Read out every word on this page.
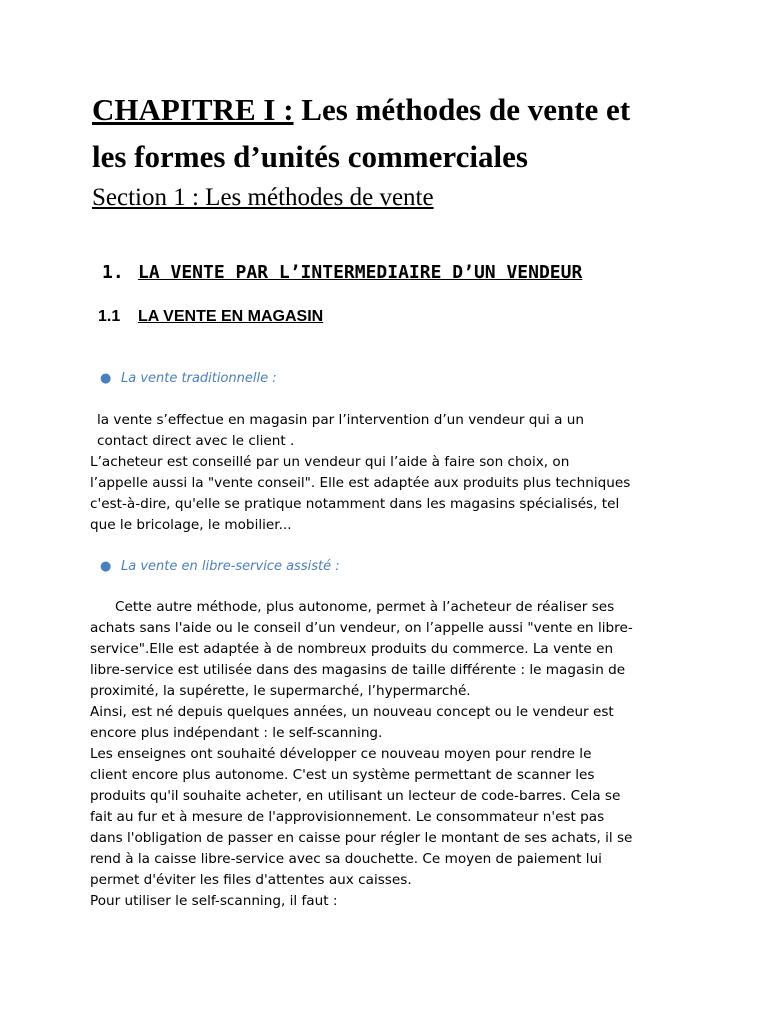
CHAPITRE I : Les méthodes de vente et
les formes d’unités commerciales
Section 1 : Les méthodes de vente
1. LA VENTE PAR L’INTERMEDIAIRE D’UN VENDEUR
1.1 LA VENTE EN MAGASIN

● La vente traditionnelle :

la vente s’effectue en magasin par l’intervention d’un vendeur qui a un
contact direct avec le client .

L’acheteur est conseillé par un vendeur qui l’aide à faire son choix, on
l’appelle aussi la "vente conseil". Elle est adaptée aux produits plus techniques
c'est-à-dire, qu'elle se pratique notamment dans les magasins spécialisés, tel
que le bricolage, le mobilier...

● La vente en libre-service assisté :

Cette autre méthode, plus autonome, permet à l’acheteur de réaliser ses
achats sans l'aide ou le conseil d’un vendeur, on l’appelle aussi "vente en libre-
service".Elle est adaptée à de nombreux produits du commerce. La vente en
libre-service est utilisée dans des magasins de taille différente : le magasin de
proximité, la supérette, le supermarché, l’hypermarché.
Ainsi, est né depuis quelques années, un nouveau concept ou le vendeur est
encore plus indépendant : le self-scanning.
Les enseignes ont souhaité développer ce nouveau moyen pour rendre le
client encore plus autonome. C'est un système permettant de scanner les
produits qu'il souhaite acheter, en utilisant un lecteur de code-barres. Cela se
fait au fur et à mesure de l'approvisionnement. Le consommateur n'est pas
dans l'obligation de passer en caisse pour régler le montant de ses achats, il se
rend à la caisse libre-service avec sa douchette. Ce moyen de paiement lui
permet d'éviter les files d'attentes aux caisses.
Pour utiliser le self-scanning, il faut :
